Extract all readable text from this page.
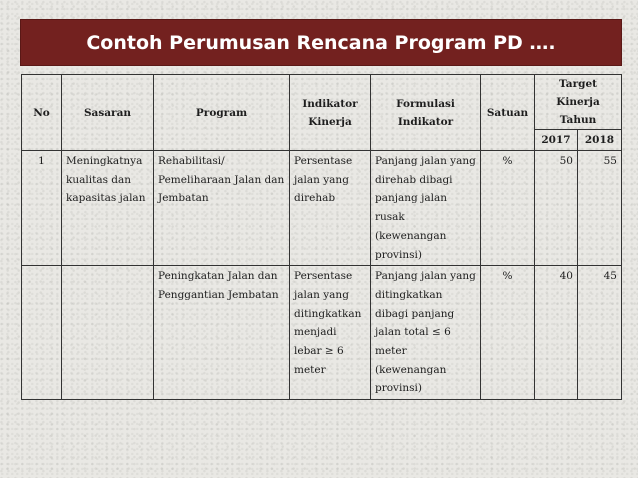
Contoh Perumusan Rencana Program PD ….
No	Sasaran	Program	Indikator Kinerja	Formulasi Indikator	Satuan	Target Kinerja Tahun	
						2017	2018
1	Meningkatnya kualitas dan kapasitas jalan	Rehabilitasi/ Pemeliharaan Jalan dan Jembatan	Persentase jalan yang direhab	Panjang jalan yang direhab dibagi panjang jalan rusak (kewenangan provinsi)	%	50	55
		Peningkatan Jalan dan Penggantian Jembatan	Persentase jalan yang ditingkatkan menjadi lebar ≥ 6 meter	Panjang jalan yang ditingkatkan dibagi panjang jalan total ≤ 6 meter (kewenangan provinsi)	%	40	45
